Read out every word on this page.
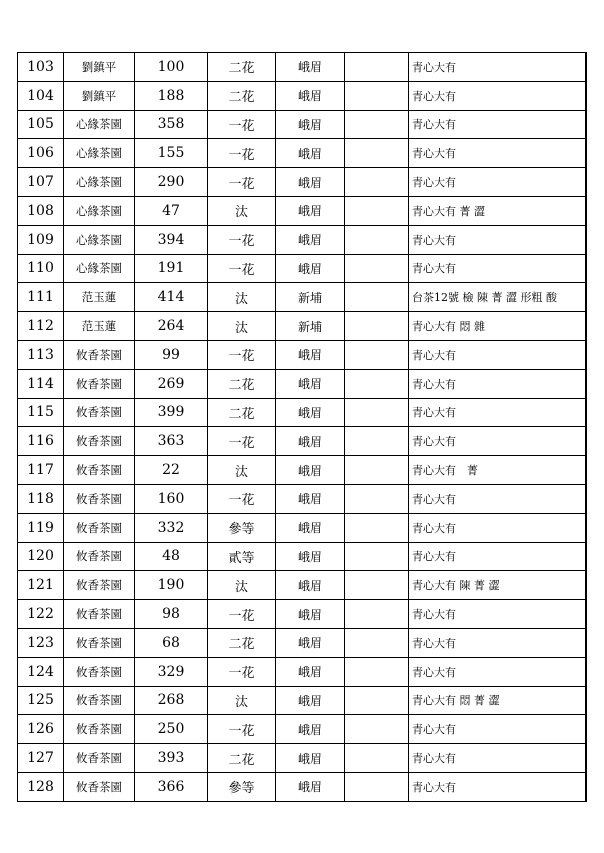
103	劉鎮平	100	二花	峨眉		青心大有
104	劉鎮平	188	二花	峨眉		青心大有
105	心緣茶園	358	一花	峨眉		青心大有
106	心緣茶園	155	一花	峨眉		青心大有
107	心緣茶園	290	一花	峨眉		青心大有
108	心緣茶園	47	汰	峨眉		青心大有 菁 澀
109	心緣茶園	394	一花	峨眉		青心大有
110	心緣茶園	191	一花	峨眉		青心大有
111	范玉蓮	414	汰	新埔		台茶12號 檢 陳 菁 澀 形粗 酸
112	范玉蓮	264	汰	新埔		青心大有 悶 雜
113	攸香茶園	99	一花	峨眉		青心大有
114	攸香茶園	269	二花	峨眉		青心大有
115	攸香茶園	399	二花	峨眉		青心大有
116	攸香茶園	363	一花	峨眉		青心大有
117	攸香茶園	22	汰	峨眉		青心大有　菁
118	攸香茶園	160	一花	峨眉		青心大有
119	攸香茶園	332	參等	峨眉		青心大有
120	攸香茶園	48	貳等	峨眉		青心大有
121	攸香茶園	190	汰	峨眉		青心大有 陳 菁 澀
122	攸香茶園	98	一花	峨眉		青心大有
123	攸香茶園	68	二花	峨眉		青心大有
124	攸香茶園	329	一花	峨眉		青心大有
125	攸香茶園	268	汰	峨眉		青心大有 悶 菁 澀
126	攸香茶園	250	一花	峨眉		青心大有
127	攸香茶園	393	二花	峨眉		青心大有
128	攸香茶園	366	參等	峨眉		青心大有
